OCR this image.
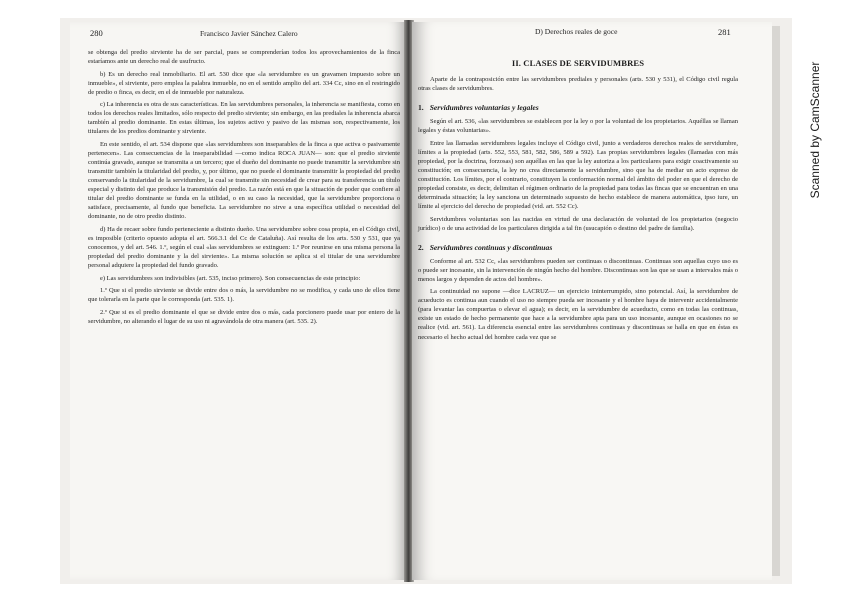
Scanned by CamScanner
280	Francisco Javier Sánchez Calero

se obtenga del predio sirviente ha de ser parcial, pues se comprenderían todos los aprovechamientos de la finca estaríamos ante un derecho real de usufructo.

b) Es un derecho real inmobiliario. El art. 530 dice que «la servidumbre es un gravamen impuesto sobre un inmueble», el sirviente, pero emplea la palabra inmueble, no en el sentido amplio del art. 334 Cc, sino en el restringido de predio o finca, es decir, en el de inmueble por naturaleza.

c) La inherencia es otra de sus características. En las servidumbres personales, la inherencia se manifiesta, como en todos los derechos reales limitados, sólo respecto del predio sirviente; sin embargo, en las prediales la inherencia abarca también al predio dominante. En estas últimas, los sujetos activo y pasivo de las mismas son, respectivamente, los titulares de los predios dominante y sirviente.

En este sentido, el art. 534 dispone que «las servidumbres son inseparables de la finca a que activa o pasivamente pertenecen». Las consecuencias de la inseparabilidad —como indica ROCA JUAN— son: que el predio sirviente continúa gravado, aunque se transmita a un tercero; que el dueño del dominante no puede transmitir la servidumbre sin transmitir también la titularidad del predio, y, por último, que no puede el dominante transmitir la propiedad del predio conservando la titularidad de la servidumbre, la cual se transmite sin necesidad de crear para su transferencia un título especial y distinto del que produce la transmisión del predio. La razón está en que la situación de poder que confiere al titular del predio dominante se funda en la utilidad, o en su caso la necesidad, que la servidumbre proporciona o satisface, precisamente, al fundo que beneficia. La servidumbre no sirve a una específica utilidad o necesidad del dominante, no de otro predio distinto.

d) Ha de recaer sobre fundo perteneciente a distinto dueño. Una servidumbre sobre cosa propia, en el Código civil, es imposible (criterio opuesto adopta el art. 566.3.1 del Cc de Cataluña). Así resulta de los arts. 530 y 531, que ya conocemos, y del art. 546. 1.º, según el cual «las servidumbres se extinguen: 1.º Por reunirse en una misma persona la propiedad del predio dominante y la del sirviente». La misma solución se aplica si el titular de una servidumbre personal adquiere la propiedad del fundo gravado.

e) Las servidumbres son indivisibles (art. 535, inciso primero). Son consecuencias de este principio:

1.º Que si el predio sirviente se divide entre dos o más, la servidumbre no se modifica, y cada uno de ellos tiene que tolerarla en la parte que le corresponda (art. 535. 1).

2.º Que si es el predio dominante el que se divide entre dos o más, cada porcionero puede usar por entero de la servidumbre, no alterando el lugar de su uso ni agravándola de otra manera (art. 535. 2).

D) Derechos reales de goce	281
II. CLASES DE SERVIDUMBRES

Aparte de la contraposición entre las servidumbres prediales y personales (arts. 530 y 531), el Código civil regula otras clases de servidumbres.

1. Servidumbres voluntarias y legales

Según el art. 536, «las servidumbres se establecen por la ley o por la voluntad de los propietarios. Aquéllas se llaman legales y éstas voluntarias».

Entre las llamadas servidumbres legales incluye el Código civil, junto a verdaderos derechos reales de servidumbre, límites a la propiedad (arts. 552, 553, 581, 582, 586, 589 a 592). Las propias servidumbres legales (llamadas con más propiedad, por la doctrina, forzosas) son aquéllas en las que la ley autoriza a los particulares para exigir coactivamente su constitución; en consecuencia, la ley no crea directamente la servidumbre, sino que ha de mediar un acto expreso de constitución. Los límites, por el contrario, constituyen la conformación normal del ámbito del poder en que el derecho de propiedad consiste, es decir, delimitan el régimen ordinario de la propiedad para todas las fincas que se encuentran en una determinada situación; la ley sanciona un determinado supuesto de hecho establece de manera automática, ipso iure, un límite al ejercicio del derecho de propiedad (vid. art. 552 Cc).

Servidumbres voluntarias son las nacidas en virtud de una declaración de voluntad de los propietarios (negocio jurídico) o de una actividad de los particulares dirigida a tal fin (usucapión o destino del padre de familia).

2. Servidumbres continuas y discontinuas

Conforme al art. 532 Cc, «las servidumbres pueden ser continuas o discontinuas. Continuas son aquellas cuyo uso es o puede ser incesante, sin la intervención de ningún hecho del hombre. Discontinuas son las que se usan a intervalos más o menos largos y dependen de actos del hombre».

La continuidad no supone —dice LACRUZ— un ejercicio ininterrumpido, sino potencial. Así, la servidumbre de acueducto es continua aun cuando el uso no siempre pueda ser incesante y el hombre haya de intervenir accidentalmente (para levantar las compuertas o elevar el agua); es decir, en la servidumbre de acueducto, como en todas las continuas, existe un estado de hecho permanente que hace a la servidumbre apta para un uso incesante, aunque en ocasiones no se realice (vid. art. 561). La diferencia esencial entre las servidumbres continuas y discontinuas se halla en que en éstas es necesario el hecho actual del hombre cada vez que se
